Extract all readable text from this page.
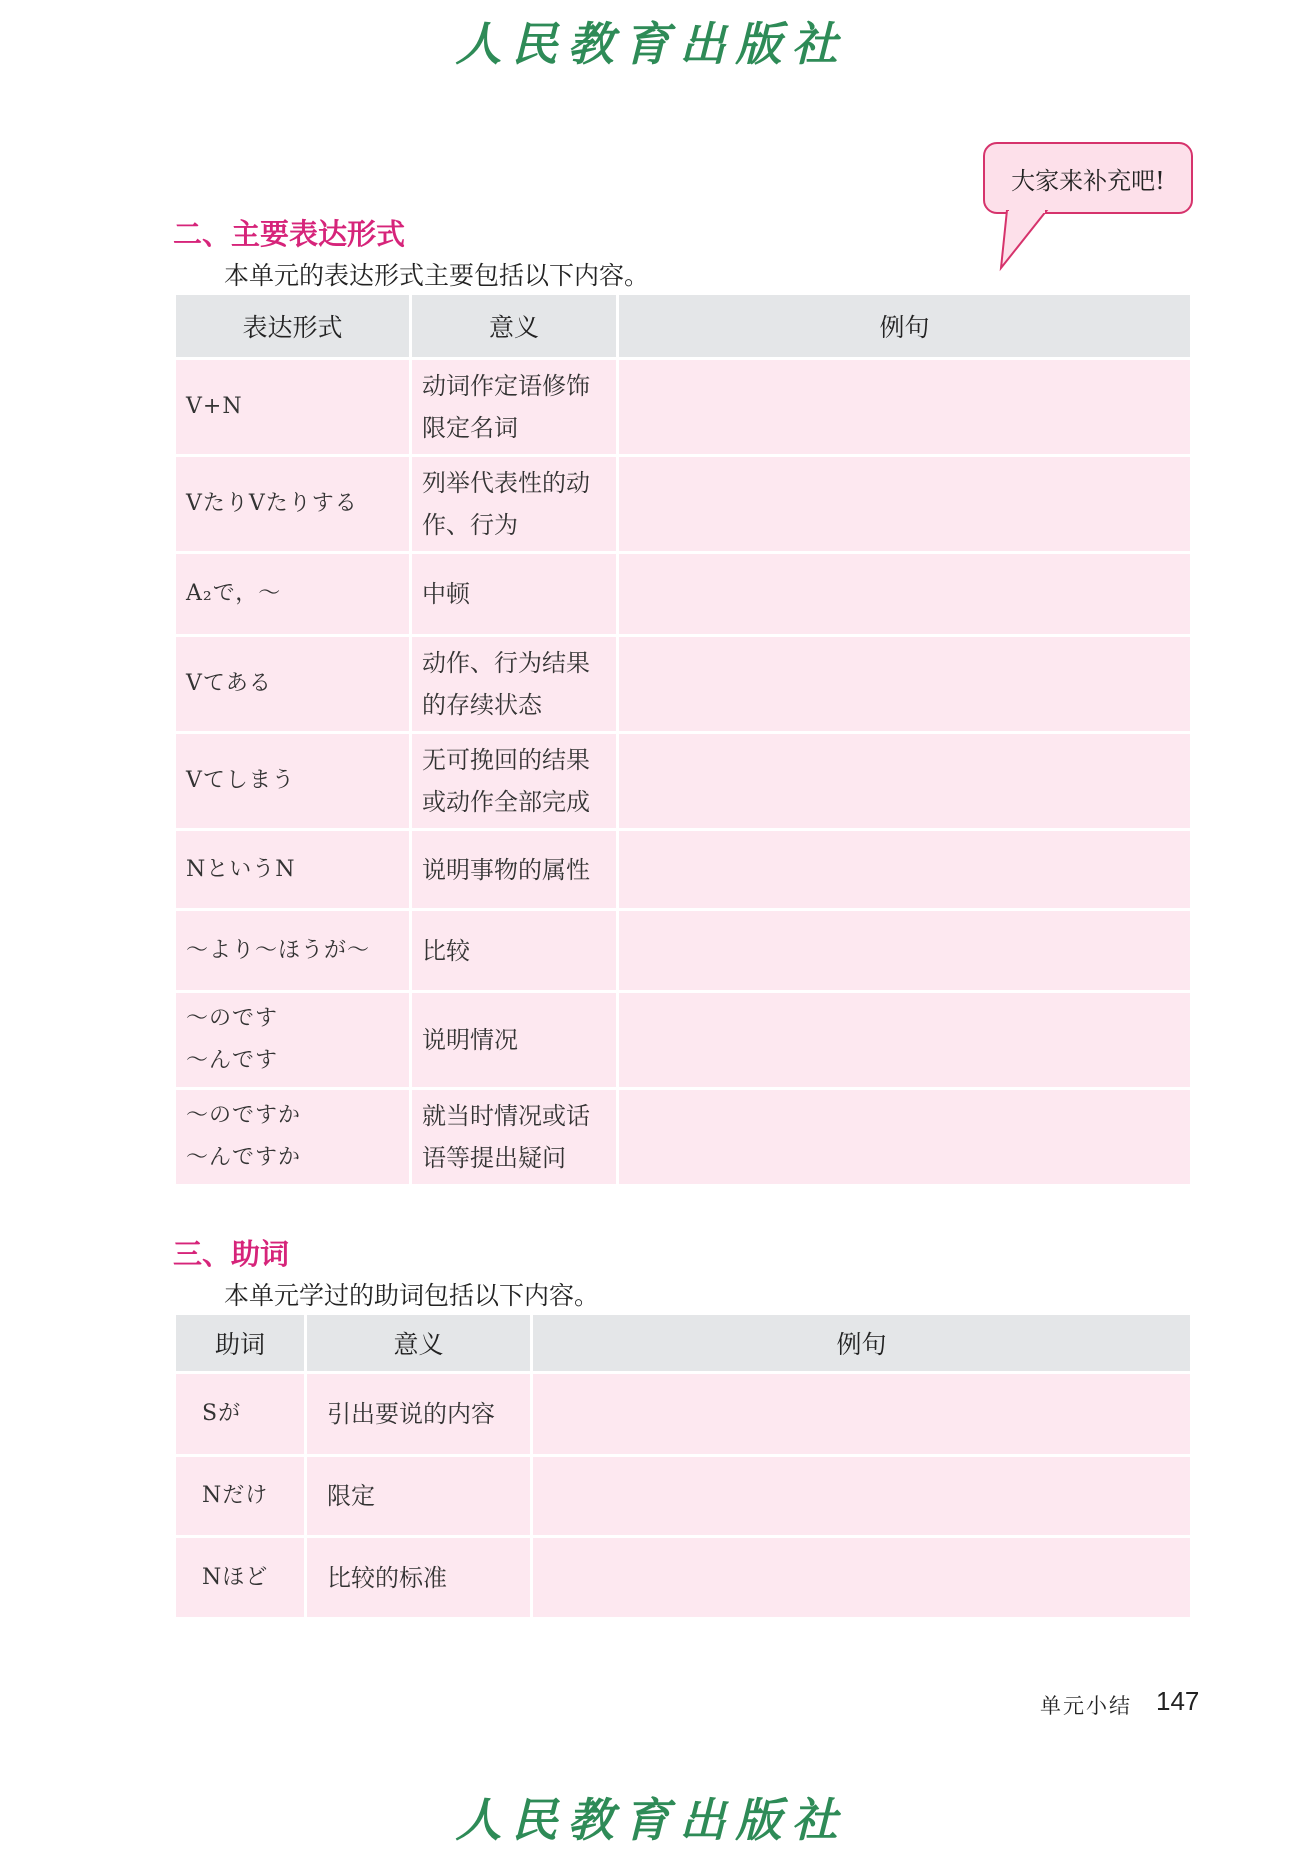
人民教育出版社
大家来补充吧!
二、主要表达形式
本单元的表达形式主要包括以下内容。
表达形式	意义	例句

V+N	动词作定语修饰
限定名词	

VたりVたりする	列举代表性的动
作、行为	

A₂で，～	中顿	

Vてある	动作、行为结果
的存续状态	

Vてしまう	无可挽回的结果
或动作全部完成	

NというN	说明事物的属性	

～より～ほうが～	比较	

～のです
～んです	说明情况	

～のですか
～んですか	就当时情况或话
语等提出疑问	

三、助词
本单元学过的助词包括以下内容。
助词	意义	例句
Sが	引出要说的内容	
Nだけ	限定	
Nほど	比较的标准	
单元小结 147
人民教育出版社
